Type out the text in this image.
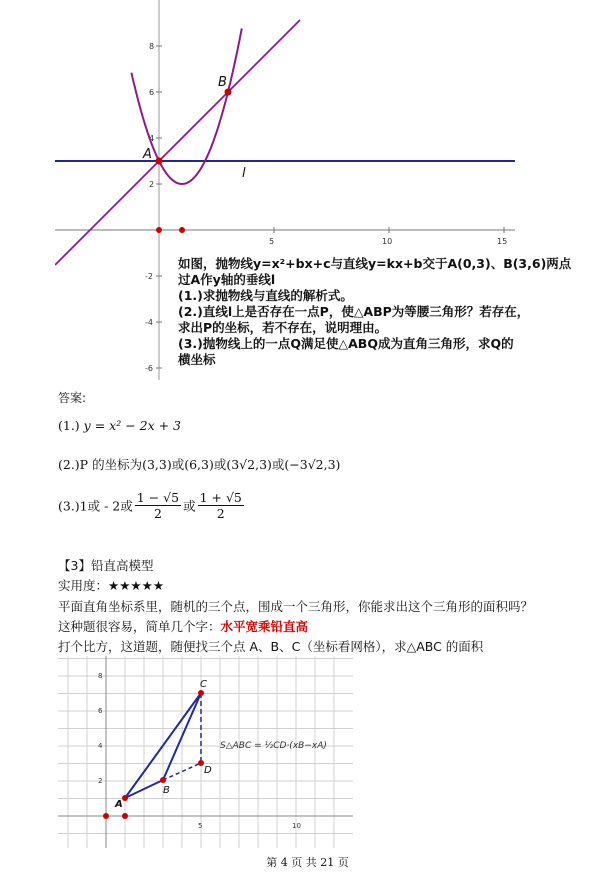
5	10	15
8
6
4
2
-2
-4
-6
A
B
l
如图，抛物线y=x²+bx+c与直线y=kx+b交于A(0,3)、B(3,6)两点
过A作y轴的垂线l
(1.)求抛物线与直线的解析式。
(2.)直线l上是否存在一点P，使△ABP为等腰三角形？若存在，
求出P的坐标，若不存在，说明理由。
(3.)抛物线上的一点Q满足使△ABQ成为直角三角形，求Q的
横坐标
答案:
(1.) y = x² − 2x + 3
(2.)P 的坐标为(3,3)或(6,3)或(3√2,3)或(−3√2,3)
(3.)1或 - 2或 $\frac{1 - √5}{2}$ 或 $\frac{1 + √5}{2}$
【3】铅直高模型
实用度：★★★★★
平面直角坐标系里，随机的三个点，围成一个三角形，你能求出这个三角形的面积吗？
这种题很容易，简单几个字：水平宽乘铅直高
打个比方，这道题，随便找三个点 A、B、C（坐标看网格），求△ABC 的面积
5	10
8
6
4
2
A
B
C
D
S△ABC = ½CD·(xB−xA)
第 4 页 共 21 页
